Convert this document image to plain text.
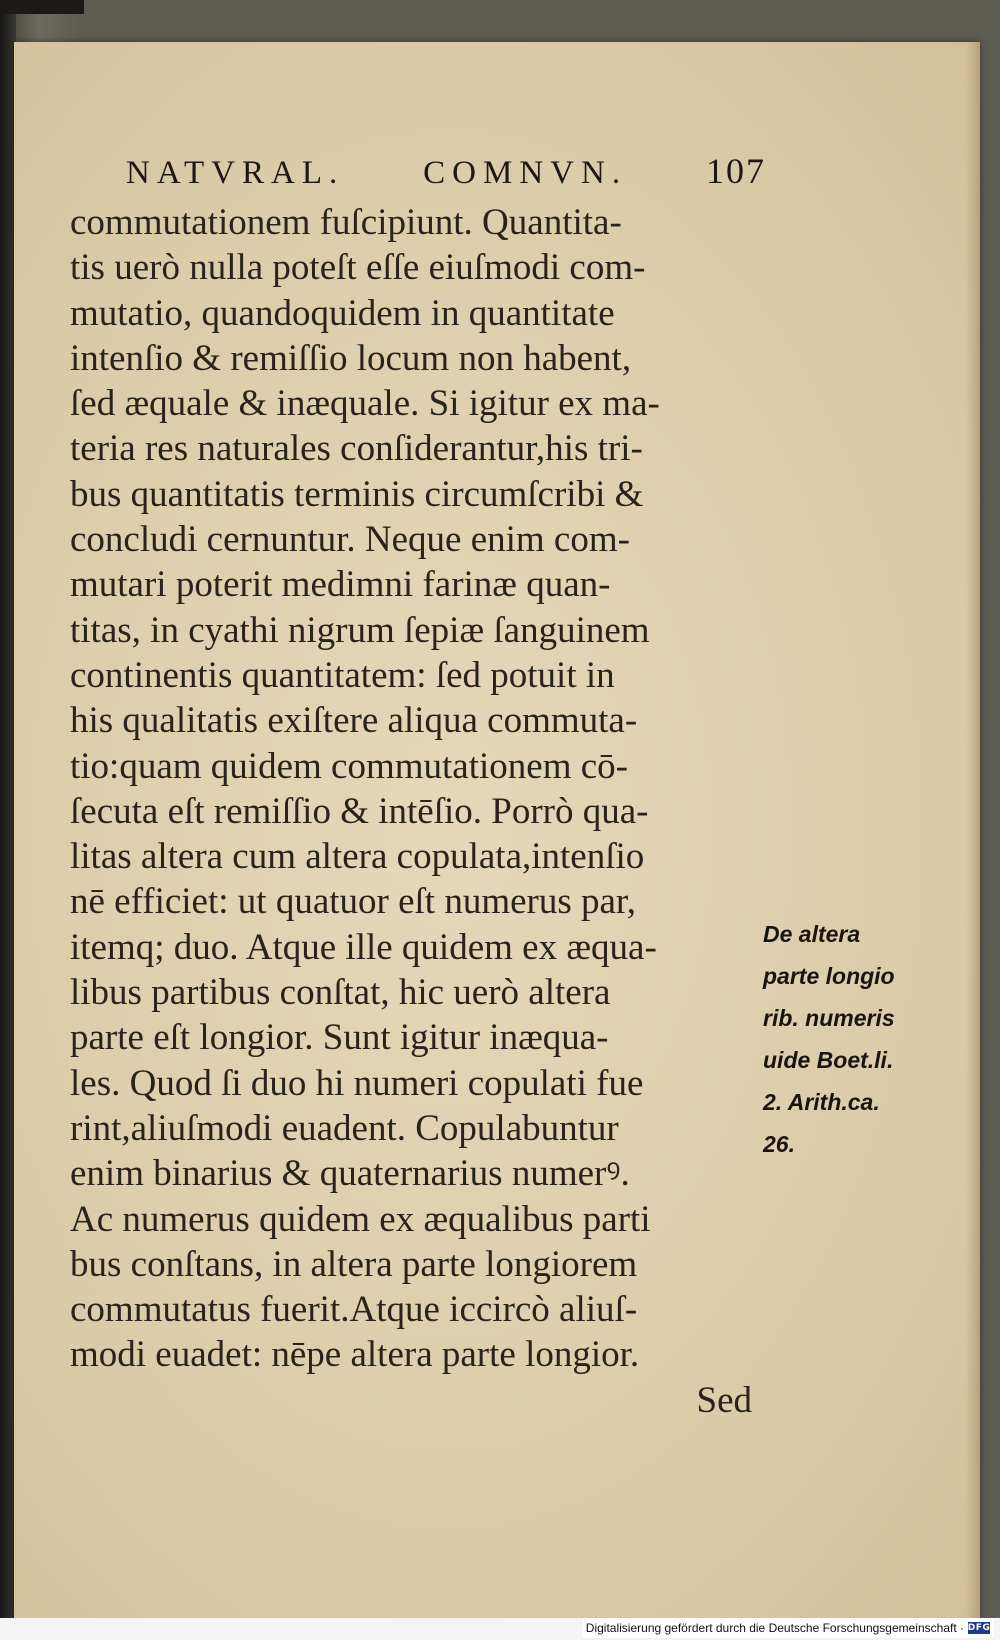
NATVRAL. COMNVN. 107
commutationem fuſcipiunt. Quantita-
tis uerò nulla poteſt eſſe eiuſmodi com-
mutatio, quandoquidem in quantitate
intenſio & remiſſio locum non habent,
ſed æquale & inæquale. Si igitur ex ma-
teria res naturales conſiderantur,his tri-
bus quantitatis terminis circumſcribi &
concludi cernuntur. Neque enim com-
mutari poterit medimni farinæ quan-
titas, in cyathi nigrum ſepiæ ſanguinem
continentis quantitatem: ſed potuit in
his qualitatis exiſtere aliqua commuta-
tio:quam quidem commutationem cō-
ſecuta eſt remiſſio & intēſio. Porrò qua-
litas altera cum altera copulata,intenſio
nē efficiet: ut quatuor eſt numerus par,
itemq; duo. Atque ille quidem ex æqua-
libus partibus conſtat, hic uerò altera
parte eſt longior. Sunt igitur inæqua-
les. Quod ſi duo hi numeri copulati fue
rint,aliuſmodi euadent. Copulabuntur
enim binarius & quaternarius numerꝰ.
Ac numerus quidem ex æqualibus parti
bus conſtans, in altera parte longiorem
commutatus fuerit.Atque iccircò aliuſ-
modi euadet: nēpe altera parte longior.
Sed
De altera
parte longio
rib. numeris
uide Boet.li.
2. Arith.ca.
26.
Digitalisierung gefördert durch die Deutsche Forschungsgemeinschaft · DFG
